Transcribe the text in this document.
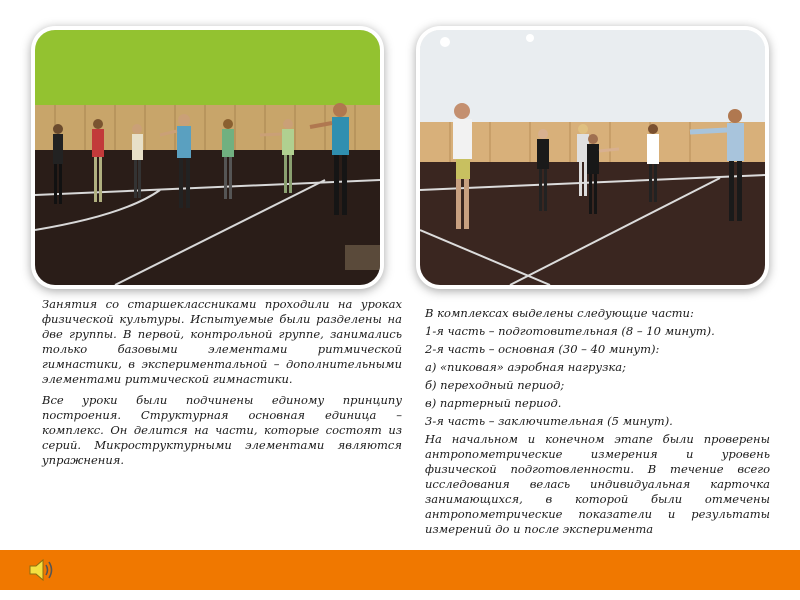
Занятия со старшеклассниками проходили на уроках физической культуры. Испытуемые были разделены на две группы. В первой, контрольной группе, занимались только базовыми элементами ритмической гимнастики, в экспериментальной – дополнительными элементами ритмической гимнастики.

Все уроки были подчинены единому принципу построения. Структурная основная единица – комплекс. Он делится на части, которые состоят из серий. Микроструктурными элементами являются упражнения.

В комплексах выделены следующие части:

1-я часть – подготовительная (8 – 10 минут).

2-я часть – основная (30 – 40 минут):

а) «пиковая» аэробная нагрузка;

б) переходный период;

в) партерный период.

3-я часть – заключительная (5 минут).

На начальном и конечном этапе были проверены антропометрические измерения и уровень физической подготовленности. В течение всего исследования велась индивидуальная карточка занимающихся, в которой были отмечены антропометрические показатели и результаты измерений до и после эксперимента
